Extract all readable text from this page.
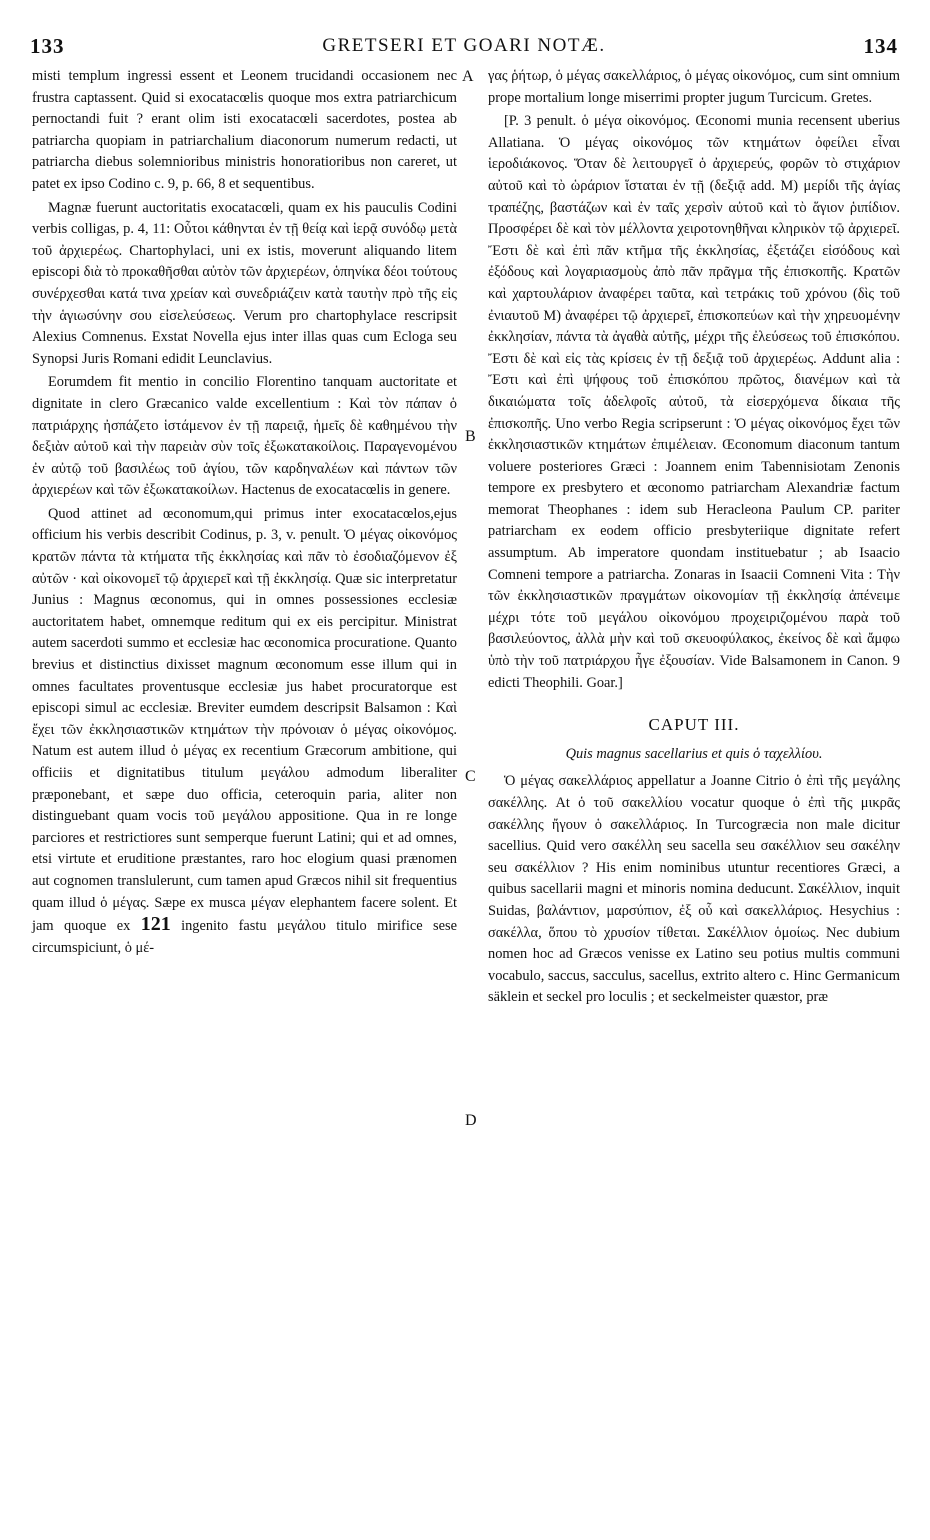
133	GRETSERI ET GOARI NOTÆ.	134
A
B
C
D

misti templum ingressi essent et Leonem trucidandi occasionem nec frustra captassent. Quid si exocatacœlis quoque mos extra patriarchicum pernoctandi fuit ? erant olim isti exocatacœli sacerdotes, postea ab patriarcha quopiam in patriarchalium diaconorum numerum redacti, ut patriarcha diebus solemnioribus ministris honoratioribus non careret, ut patet ex ipso Codino c. 9, p. 66, 8 et sequentibus.

Magnæ fuerunt auctoritatis exocatacœli, quam ex his pauculis Codini verbis colligas, p. 4, 11: Οὗτοι κάθηνται ἐν τῇ θείᾳ καὶ ἱερᾷ συνόδῳ μετὰ τοῦ ἀρχιερέως. Chartophylaci, uni ex istis, moverunt aliquando litem episcopi διὰ τὸ προκαθῆσθαι αὐτὸν τῶν ἀρχιερέων, ὁπηνίκα δέοι τούτους συνέρχεσθαι κατά τινα χρείαν καὶ συνεδριάζειν κατὰ ταυτὴν πρὸ τῆς εἰς τὴν ἁγιωσύνην σου εἰσελεύσεως. Verum pro chartophylace rescripsit Alexius Comnenus. Exstat Novella ejus inter illas quas cum Ecloga seu Synopsi Juris Romani edidit Leunclavius.

Eorumdem fit mentio in concilio Florentino tanquam auctoritate et dignitate in clero Græcanico valde excellentium : Καὶ τὸν πάπαν ὁ πατριάρχης ἠσπάζετο ἱστάμενον ἐν τῇ παρειᾷ, ἡμεῖς δὲ καθημένου τὴν δεξιὰν αὐτοῦ καὶ τὴν παρειὰν σὺν τοῖς ἐξωκατακοίλοις. Παραγενομένου ἐν αὐτῷ τοῦ βασιλέως τοῦ ἁγίου, τῶν καρδηναλέων καὶ πάντων τῶν ἀρχιερέων καὶ τῶν ἐξωκατακοίλων. Hactenus de exocatacœlis in genere.

Quod attinet ad œconomum,qui primus inter exocatacœlos,ejus officium his verbis describit Codinus, p. 3, v. penult. Ὁ μέγας οἰκονόμος κρατῶν πάντα τὰ κτήματα τῆς ἐκκλησίας καὶ πᾶν τὸ ἐσοδιαζόμενον ἐξ αὐτῶν · καὶ οἰκονομεῖ τῷ ἀρχιερεῖ καὶ τῇ ἐκκλησίᾳ. Quæ sic interpretatur Junius : Magnus œconomus, qui in omnes possessiones ecclesiæ auctoritatem habet, omnemque reditum qui ex eis percipitur. Ministrat autem sacerdoti summo et ecclesiæ hac œconomica procuratione. Quanto brevius et distinctius dixisset magnum œconomum esse illum qui in omnes facultates proventusque ecclesiæ jus habet procuratorque est episcopi simul ac ecclesiæ. Breviter eumdem descripsit Balsamon : Καὶ ἔχει τῶν ἐκκλησιαστικῶν κτημάτων τὴν πρόνοιαν ὁ μέγας οἰκονόμος. Natum est autem illud ὁ μέγας ex recentium Græcorum ambitione, qui officiis et dignitatibus titulum μεγάλου admodum liberaliter præponebant, et sæpe duo officia, ceteroquin paria, aliter non distinguebant quam vocis τοῦ μεγάλου appositione. Qua in re longe parciores et restrictiores sunt semperque fuerunt Latini; qui et ad omnes, etsi virtute et eruditione præstantes, raro hoc elogium quasi prænomen aut cognomen translulerunt, cum tamen apud Græcos nihil sit frequentius quam illud ὁ μέγας. Sæpe ex musca μέγαν elephantem facere solent. Et jam quoque ex 121 ingenito fastu μεγάλου titulo mirifice sese circumspiciunt, ὁ μέ-

γας ῥήτωρ, ὁ μέγας σακελλάριος, ὁ μέγας οἰκονόμος, cum sint omnium prope mortalium longe miserrimi propter jugum Turcicum. Gretes.

[P. 3 penult. ὁ μέγα οἰκονόμος. Œconomi munia recensent uberius Allatiana. Ὁ μέγας οἰκονόμος τῶν κτημάτων ὀφείλει εἶναι ἱεροδιάκονος. Ὅταν δὲ λειτουργεῖ ὁ ἀρχιερεύς, φορῶν τὸ στιχάριον αὐτοῦ καὶ τὸ ὡράριον ἵσταται ἐν τῇ (δεξιᾷ add. M) μερίδι τῆς ἁγίας τραπέζης, βαστάζων καὶ ἐν ταῖς χερσὶν αὐτοῦ καὶ τὸ ἅγιον ῥιπίδιον. Προσφέρει δὲ καὶ τὸν μέλλοντα χειροτονηθῆναι κληρικὸν τῷ ἀρχιερεῖ. Ἔστι δὲ καὶ ἐπὶ πᾶν κτῆμα τῆς ἐκκλησίας, ἐξετάζει εἰσόδους καὶ ἐξόδους καὶ λογαριασμοὺς ἀπὸ πᾶν πρᾶγμα τῆς ἐπισκοπῆς. Κρατῶν καὶ χαρτουλάριον ἀναφέρει ταῦτα, καὶ τετράκις τοῦ χρόνου (δὶς τοῦ ἐνιαυτοῦ M) ἀναφέρει τῷ ἀρχιερεῖ, ἐπισκοπεύων καὶ τὴν χηρευομένην ἐκκλησίαν, πάντα τὰ ἀγαθὰ αὐτῆς, μέχρι τῆς ἐλεύσεως τοῦ ἐπισκόπου. Ἔστι δὲ καὶ εἰς τὰς κρίσεις ἐν τῇ δεξιᾷ τοῦ ἀρχιερέως. Addunt alia : Ἔστι καὶ ἐπὶ ψήφους τοῦ ἐπισκόπου πρῶτος, διανέμων καὶ τὰ δικαιώματα τοῖς ἀδελφοῖς αὐτοῦ, τὰ εἰσερχόμενα δίκαια τῆς ἐπισκοπῆς. Uno verbo Regia scripserunt : Ὁ μέγας οἰκονόμος ἔχει τῶν ἐκκλησιαστικῶν κτημάτων ἐπιμέλειαν. Œconomum diaconum tantum voluere posteriores Græci : Joannem enim Tabennisiotam Zenonis tempore ex presbytero et œconomo patriarcham Alexandriæ factum memorat Theophanes : idem sub Heracleona Paulum CP. pariter patriarcham ex eodem officio presbyteriique dignitate refert assumptum. Ab imperatore quondam instituebatur ; ab Isaacio Comneni tempore a patriarcha. Zonaras in Isaacii Comneni Vita : Τὴν τῶν ἐκκλησιαστικῶν πραγμάτων οἰκονομίαν τῇ ἐκκλησίᾳ ἀπένειμε μέχρι τότε τοῦ μεγάλου οἰκονόμου προχειριζομένου παρὰ τοῦ βασιλεύοντος, ἀλλὰ μὴν καὶ τοῦ σκευοφύλακος, ἐκείνος δὲ καὶ ἄμφω ὑπὸ τὴν τοῦ πατριάρχου ἦγε ἐξουσίαν. Vide Balsamonem in Canon. 9 edicti Theophili. Goar.]

CAPUT III.
Quis magnus sacellarius et quis ὁ ταχελλίου.

Ὁ μέγας σακελλάριος appellatur a Joanne Citrio ὁ ἐπὶ τῆς μεγάλης σακέλλης. At ὁ τοῦ σακελλίου vocatur quoque ὁ ἐπὶ τῆς μικρᾶς σακέλλης ἤγουν ὁ σακελλάριος. In Turcogræcia non male dicitur sacellius. Quid vero σακέλλη seu sacella seu σακέλλιον seu σακέλην seu σακέλλιον ? His enim nominibus utuntur recentiores Græci, a quibus sacellarii magni et minoris nomina deducunt. Σακέλλιον, inquit Suidas, βαλάντιον, μαρσύπιον, ἐξ οὗ καὶ σακελλάριος. Hesychius : σακέλλα, ὅπου τὸ χρυσίον τίθεται. Σακέλλιον ὁμοίως. Nec dubium nomen hoc ad Græcos venisse ex Latino seu potius multis communi vocabulo, saccus, sacculus, sacellus, extrito altero c. Hinc Germanicum säklein et seckel pro loculis ; et seckelmeister quæstor, præ
